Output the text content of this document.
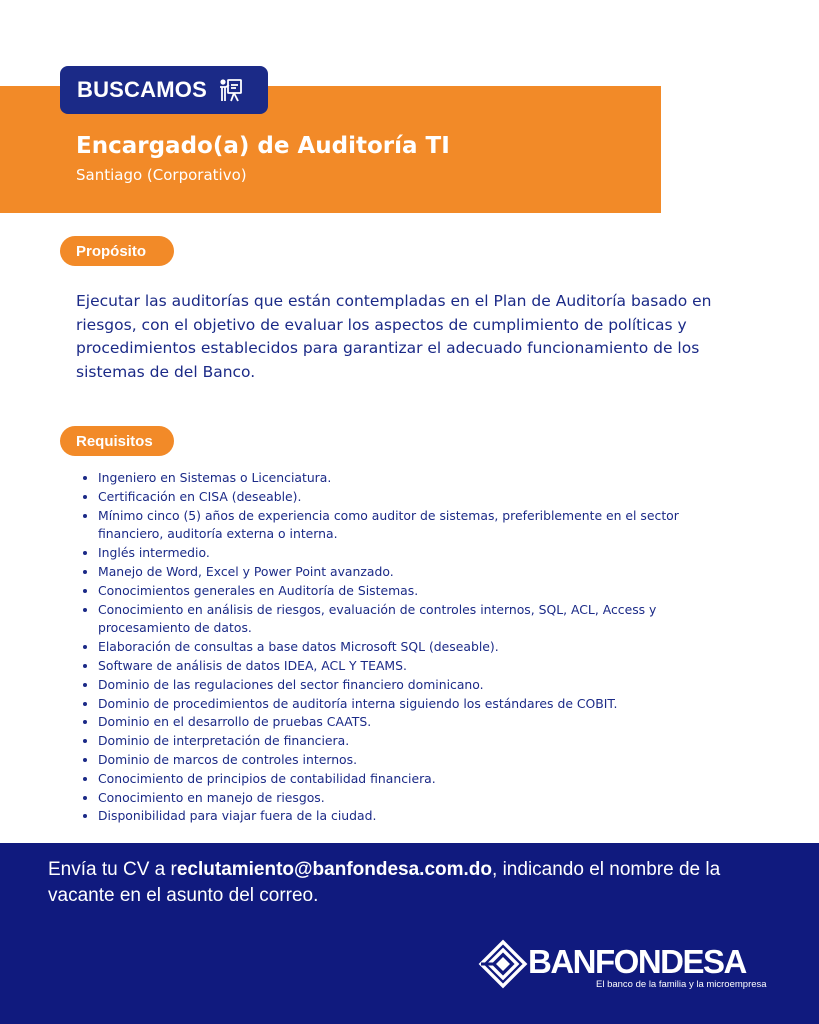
BUSCAMOS
Encargado(a) de Auditoría TI
Santiago (Corporativo)
Propósito
Ejecutar las auditorías que están contempladas en el Plan de Auditoría basado en riesgos, con el objetivo de evaluar los aspectos de cumplimiento de políticas y procedimientos establecidos para garantizar el adecuado funcionamiento de los sistemas de del Banco.
Requisitos
• Ingeniero en Sistemas o Licenciatura.
• Certificación en CISA (deseable).
• Mínimo cinco (5) años de experiencia como auditor de sistemas, preferiblemente en el sector financiero, auditoría externa o interna.
• Inglés intermedio.
• Manejo de Word, Excel y Power Point avanzado.
• Conocimientos generales en Auditoría de Sistemas.
• Conocimiento en análisis de riesgos, evaluación de controles internos, SQL, ACL, Access y procesamiento de datos.
• Elaboración de consultas a base datos Microsoft SQL (deseable).
• Software de análisis de datos IDEA, ACL Y TEAMS.
• Dominio de las regulaciones del sector financiero dominicano.
• Dominio de procedimientos de auditoría interna siguiendo los estándares de COBIT.
• Dominio en el desarrollo de pruebas CAATS.
• Dominio de interpretación de financiera.
• Dominio de marcos de controles internos.
• Conocimiento de principios de contabilidad financiera.
• Conocimiento en manejo de riesgos.
• Disponibilidad para viajar fuera de la ciudad.
Envía tu CV a reclutamiento@banfondesa.com.do, indicando el nombre de la vacante en el asunto del correo.
BANFONDESA
El banco de la familia y la microempresa
